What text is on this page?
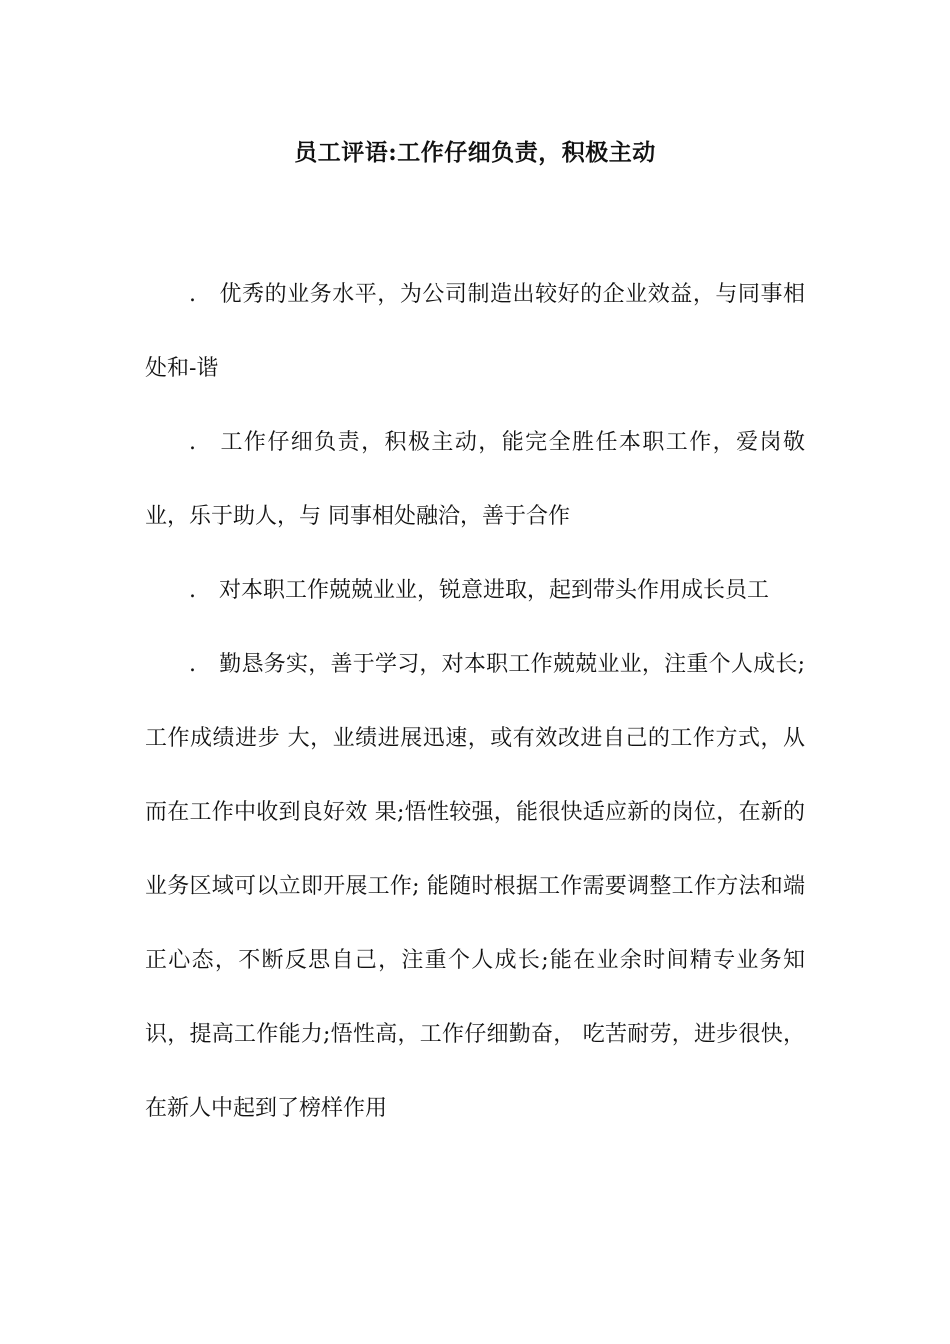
员工评语:工作仔细负责，积极主动

. 优秀的业务水平，为公司制造出较好的企业效益，与同事相处和-谐

. 工作仔细负责，积极主动，能完全胜任本职工作，爱岗敬业，乐于助人，与 同事相处融洽，善于合作

. 对本职工作兢兢业业，锐意进取，起到带头作用成长员工

. 勤恳务实，善于学习，对本职工作兢兢业业，注重个人成长;工作成绩进步 大，业绩进展迅速，或有效改进自己的工作方式，从而在工作中收到良好效 果;悟性较强，能很快适应新的岗位，在新的业务区域可以立即开展工作; 能随时根据工作需要调整工作方法和端正心态，不断反思自己，注重个人成长;能在业余时间精专业务知识，提高工作能力;悟性高，工作仔细勤奋， 吃苦耐劳，进步很快，在新人中起到了榜样作用
